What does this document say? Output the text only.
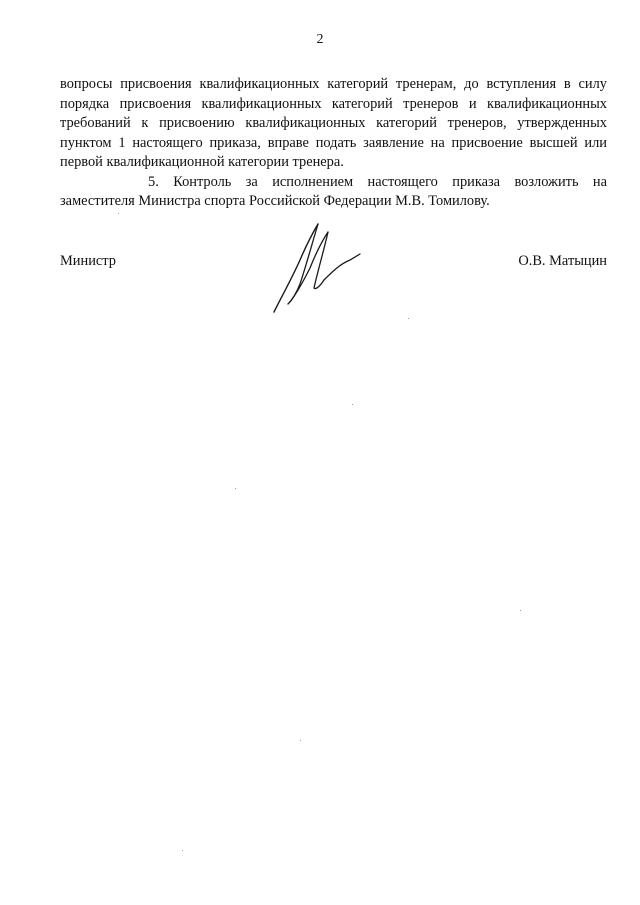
2

вопросы присвоения квалификационных категорий тренерам, до вступления в силу порядка присвоения квалификационных категорий тренеров и квалификационных требований к присвоению квалификационных категорий тренеров, утвержденных пунктом 1 настоящего приказа, вправе подать заявление на присвоение высшей или первой квалификационной категории тренера.

5. Контроль за исполнением настоящего приказа возложить на заместителя Министра спорта Российской Федерации М.В. Томилову.

Министр	О.В. Матыцин
